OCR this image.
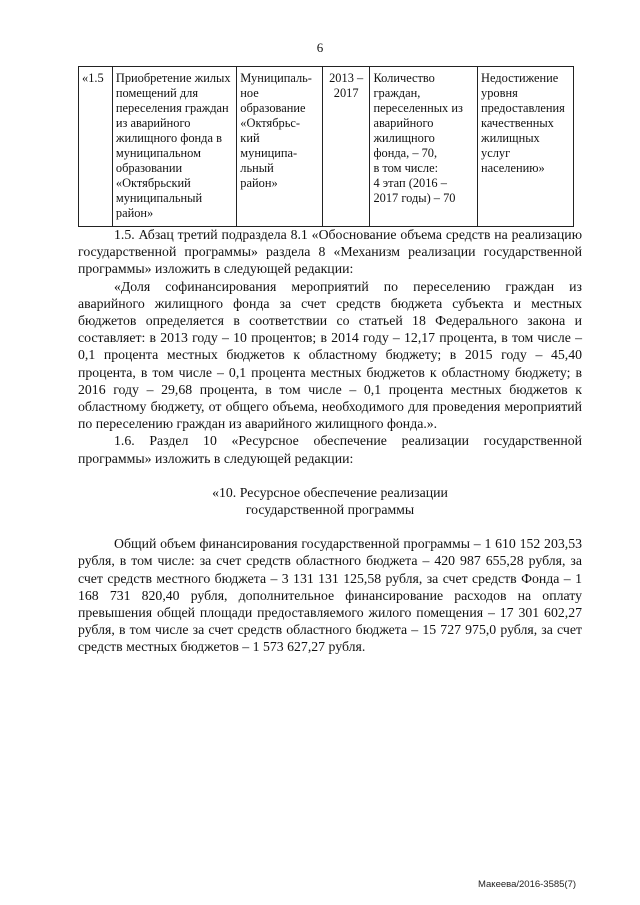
6
«1.5	Приобретение жилых
помещений для
переселения граждан
из аварийного
жилищного фонда в
муниципальном
образовании
«Октябрьский
муниципальный
район»	Муниципаль-
ное
образование
«Октябрьс-
кий
муниципа-
льный
район»	2013 –
2017	Количество
граждан,
переселенных из
аварийного
жилищного
фонда, – 70,
в том числе:
4 этап (2016 –
2017 годы) – 70	Недостижение
уровня
предоставления
качественных
жилищных
услуг
населению»

1.5. Абзац третий подраздела 8.1 «Обоснование объема средств на реализацию государственной программы» раздела 8 «Механизм реализации государственной программы» изложить в следующей редакции:

«Доля софинансирования мероприятий по переселению граждан из аварийного жилищного фонда за счет средств бюджета субъекта и местных бюджетов определяется в соответствии со статьей 18 Федерального закона и составляет: в 2013 году – 10 процентов; в 2014 году – 12,17 процента, в том числе – 0,1 процента местных бюджетов к областному бюджету; в 2015 году – 45,40 процента, в том числе – 0,1 процента местных бюджетов к областному бюджету; в 2016 году – 29,68 процента, в том числе – 0,1 процента местных бюджетов к областному бюджету, от общего объема, необходимого для проведения мероприятий по переселению граждан из аварийного жилищного фонда.».

1.6. Раздел 10 «Ресурсное обеспечение реализации государственной программы» изложить в следующей редакции:

«10. Ресурсное обеспечение реализации
государственной программы

Общий объем финансирования государственной программы – 1 610 152 203,53 рубля, в том числе: за счет средств областного бюджета – 420 987 655,28 рубля, за счет средств местного бюджета – 3 131 131 125,58 рубля, за счет средств Фонда – 1 168 731 820,40 рубля, дополнительное финансирование расходов на оплату превышения общей площади предоставляемого жилого помещения – 17 301 602,27 рубля, в том числе за счет средств областного бюджета – 15 727 975,0 рубля, за счет средств местных бюджетов – 1 573 627,27 рубля.

Макеева/2016-3585(7)
